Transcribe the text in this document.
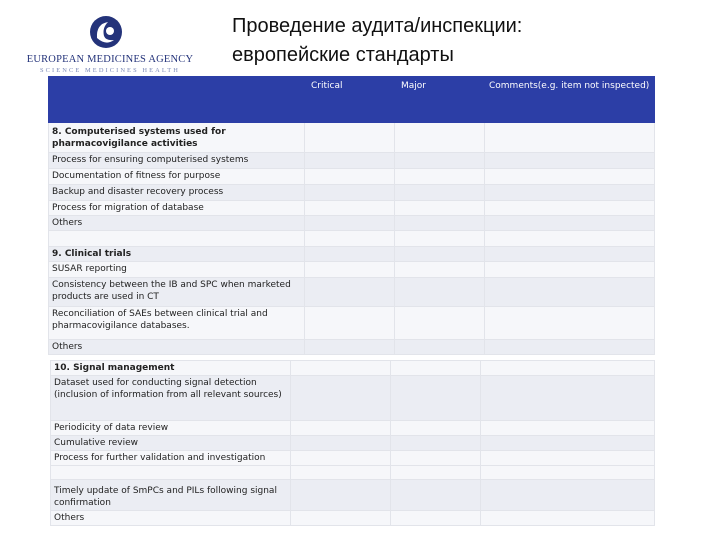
EUROPEAN MEDICINES AGENCY
SCIENCE MEDICINES HEALTH
Проведение аудита/инспекции:
европейские стандарты
	Critical	Major	Comments(e.g. item not inspected)
8. Computerised systems used for pharmacovigilance activities			
Process for ensuring computerised systems			
Documentation of fitness for purpose			
Backup and disaster recovery process			
Process for migration of database			
Others			

9. Clinical trials			
SUSAR reporting			
Consistency between the IB and SPC when marketed products are used in CT			
Reconciliation of SAEs between clinical trial and pharmacovigilance databases.			
Others			
10. Signal management			
Dataset used for conducting signal detection (inclusion of information from all relevant sources)			
Periodicity of data review			
Cumulative review			
Process for further validation and investigation			

Timely update of SmPCs and PILs following signal confirmation			
Others			
